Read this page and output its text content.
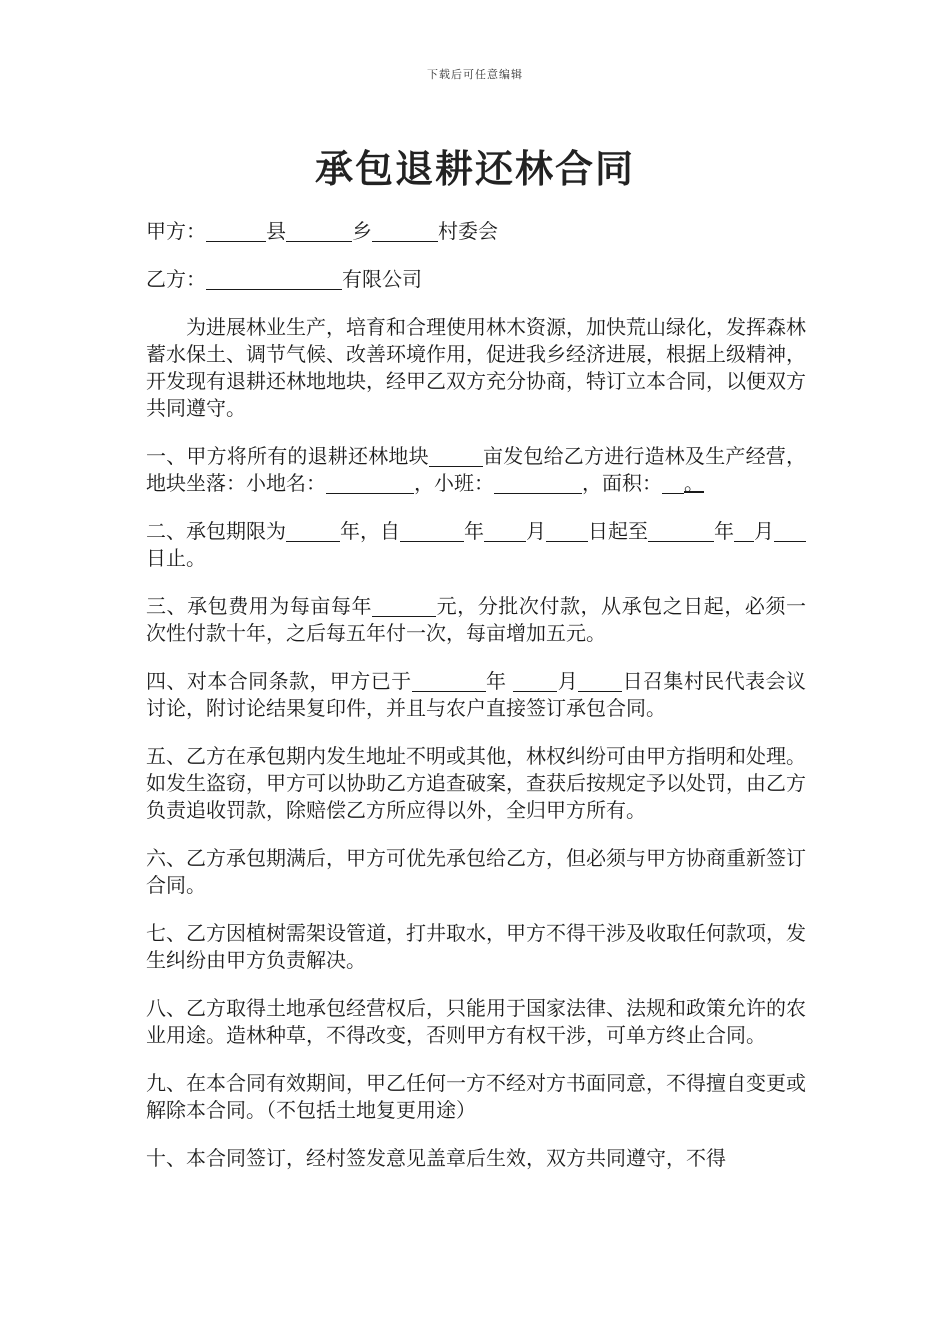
下载后可任意编辑
承包退耕还林合同
甲方：	县	乡	村委会
乙方：	有限公司

为进展林业生产，培育和合理使用林木资源，加快荒山绿化，发挥森林蓄水保土、调节气候、改善环境作用，促进我乡经济进展，根据上级精神，开发现有退耕还林地地块，经甲乙双方充分协商，特订立本合同，以便双方共同遵守。

一、甲方将所有的退耕还林地块	亩发包给乙方进行造林及生产经营，地块坐落：小地名：	，小班：	，面积： 。

二、承包期限为	年，自	年 月 日起至	年 月日止。

三、承包费用为每亩每年	元，分批次付款，从承包之日起，必须一次性付款十年，之后每五年付一次，每亩增加五元。

四、对本合同条款，甲方已于	年 月 日召集村民代表会议讨论，附讨论结果复印件，并且与农户直接签订承包合同。

五、乙方在承包期内发生地址不明或其他，林权纠纷可由甲方指明和处理。如发生盗窃，甲方可以协助乙方追查破案，查获后按规定予以处罚，由乙方负责追收罚款，除赔偿乙方所应得以外，全归甲方所有。

六、乙方承包期满后，甲方可优先承包给乙方，但必须与甲方协商重新签订合同。

七、乙方因植树需架设管道，打井取水，甲方不得干涉及收取任何款项，发生纠纷由甲方负责解决。

八、乙方取得土地承包经营权后，只能用于国家法律、法规和政策允许的农业用途。造林种草，不得改变，否则甲方有权干涉，可单方终止合同。

九、在本合同有效期间，甲乙任何一方不经对方书面同意，不得擅自变更或解除本合同。（不包括土地复更用途）

十、本合同签订，经村签发意见盖章后生效，双方共同遵守，不得
